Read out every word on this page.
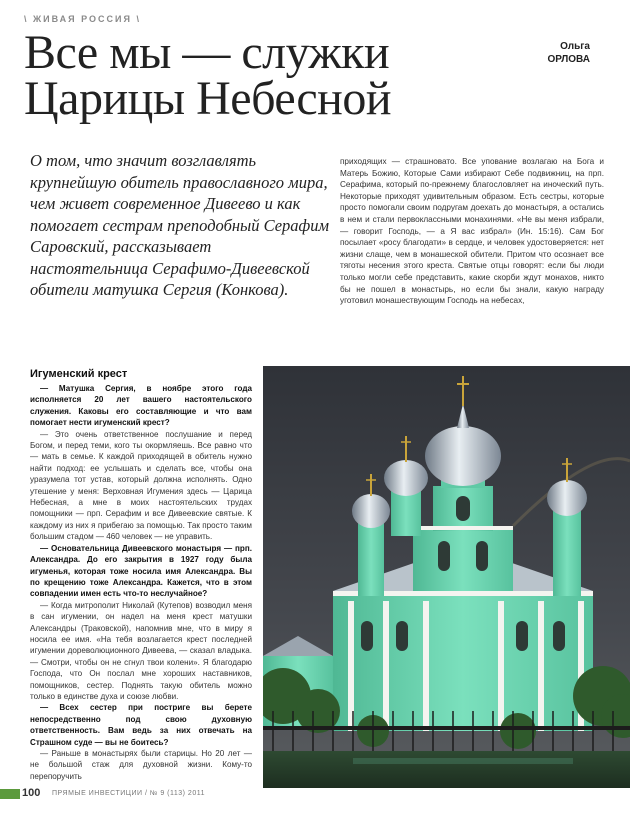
\ ЖИВАЯ РОССИЯ \
Все мы — служки
Царицы Небесной
Ольга
ОРЛОВА

О том, что значит возглавлять крупнейшую обитель православного мира, чем живет современное Дивеево и как помогает сестрам преподобный Серафим Саровский, рассказывает настоятельница Серафимо-Дивеевской обители матушка Сергия (Конкова).

приходящих — страшновато. Все упование возлагаю на Бога и Матерь Божию, Которые Сами избирают Себе подвижниц, на прп. Серафима, который по-прежнему благословляет на иноческий путь. Некоторые приходят удивительным образом. Есть сестры, которые просто помогали своим подругам доехать до монастыря, а остались в нем и стали первоклассными монахинями. «Не вы меня избрали, — говорит Господь, — а Я вас избрал» (Ин. 15:16). Сам Бог посылает «росу благодати» в сердце, и человек удостоверяется: нет жизни слаще, чем в монашеской обители. Притом что осознает все тяготы несения этого креста. Святые отцы говорят: если бы люди только могли себе представить, какие скорби ждут монахов, никто бы не пошел в монастырь, но если бы знали, какую награду уготовил монашествующим Господь на небесах,

Игуменский крест

— Матушка Сергия, в ноябре этого года исполняется 20 лет вашего настоятельского служения. Каковы его составляющие и что вам помогает нести игуменский крест?

— Это очень ответственное послушание и перед Богом, и перед теми, кого ты окормляешь. Все равно что — мать в семье. К каждой приходящей в обитель нужно найти подход: ее услышать и сделать все, чтобы она уразумела тот устав, который должна исполнять. Одно утешение у меня: Верховная Игумения здесь — Царица Небесная, а мне в моих настоятельских трудах помощники — прп. Серафим и все Дивеевские святые. К каждому из них я прибегаю за помощью. Так просто таким большим стадом — 460 человек — не управить.

— Основательница Дивеевского монастыря — прп. Александра. До его закрытия в 1927 году была игуменья, которая тоже носила имя Александра. Вы по крещению тоже Александра. Кажется, что в этом совпадении имен есть что-то неслучайное?

— Когда митрополит Николай (Кутепов) возводил меня в сан игумении, он надел на меня крест матушки Александры (Траковской), напомнив мне, что в миру я носила ее имя. «На тебя возлагается крест последней игумении дореволюционного Дивеева, — сказал владыка. — Смотри, чтобы он не сгнул твои колени». Я благодарю Господа, что Он послал мне хороших наставников, помощников, сестер. Поднять такую обитель можно только в единстве духа и союзе любви.

— Всех сестер при постриге вы берете непосредственно под свою духовную ответственность. Вам ведь за них отвечать на Страшном суде — вы не боитесь?

— Раньше в монастырях были старицы. Но 20 лет — не большой стаж для духовной жизни. Кому-то перепоручить

100 ПРЯМЫЕ ИНВЕСТИЦИИ / № 9 (113) 2011
